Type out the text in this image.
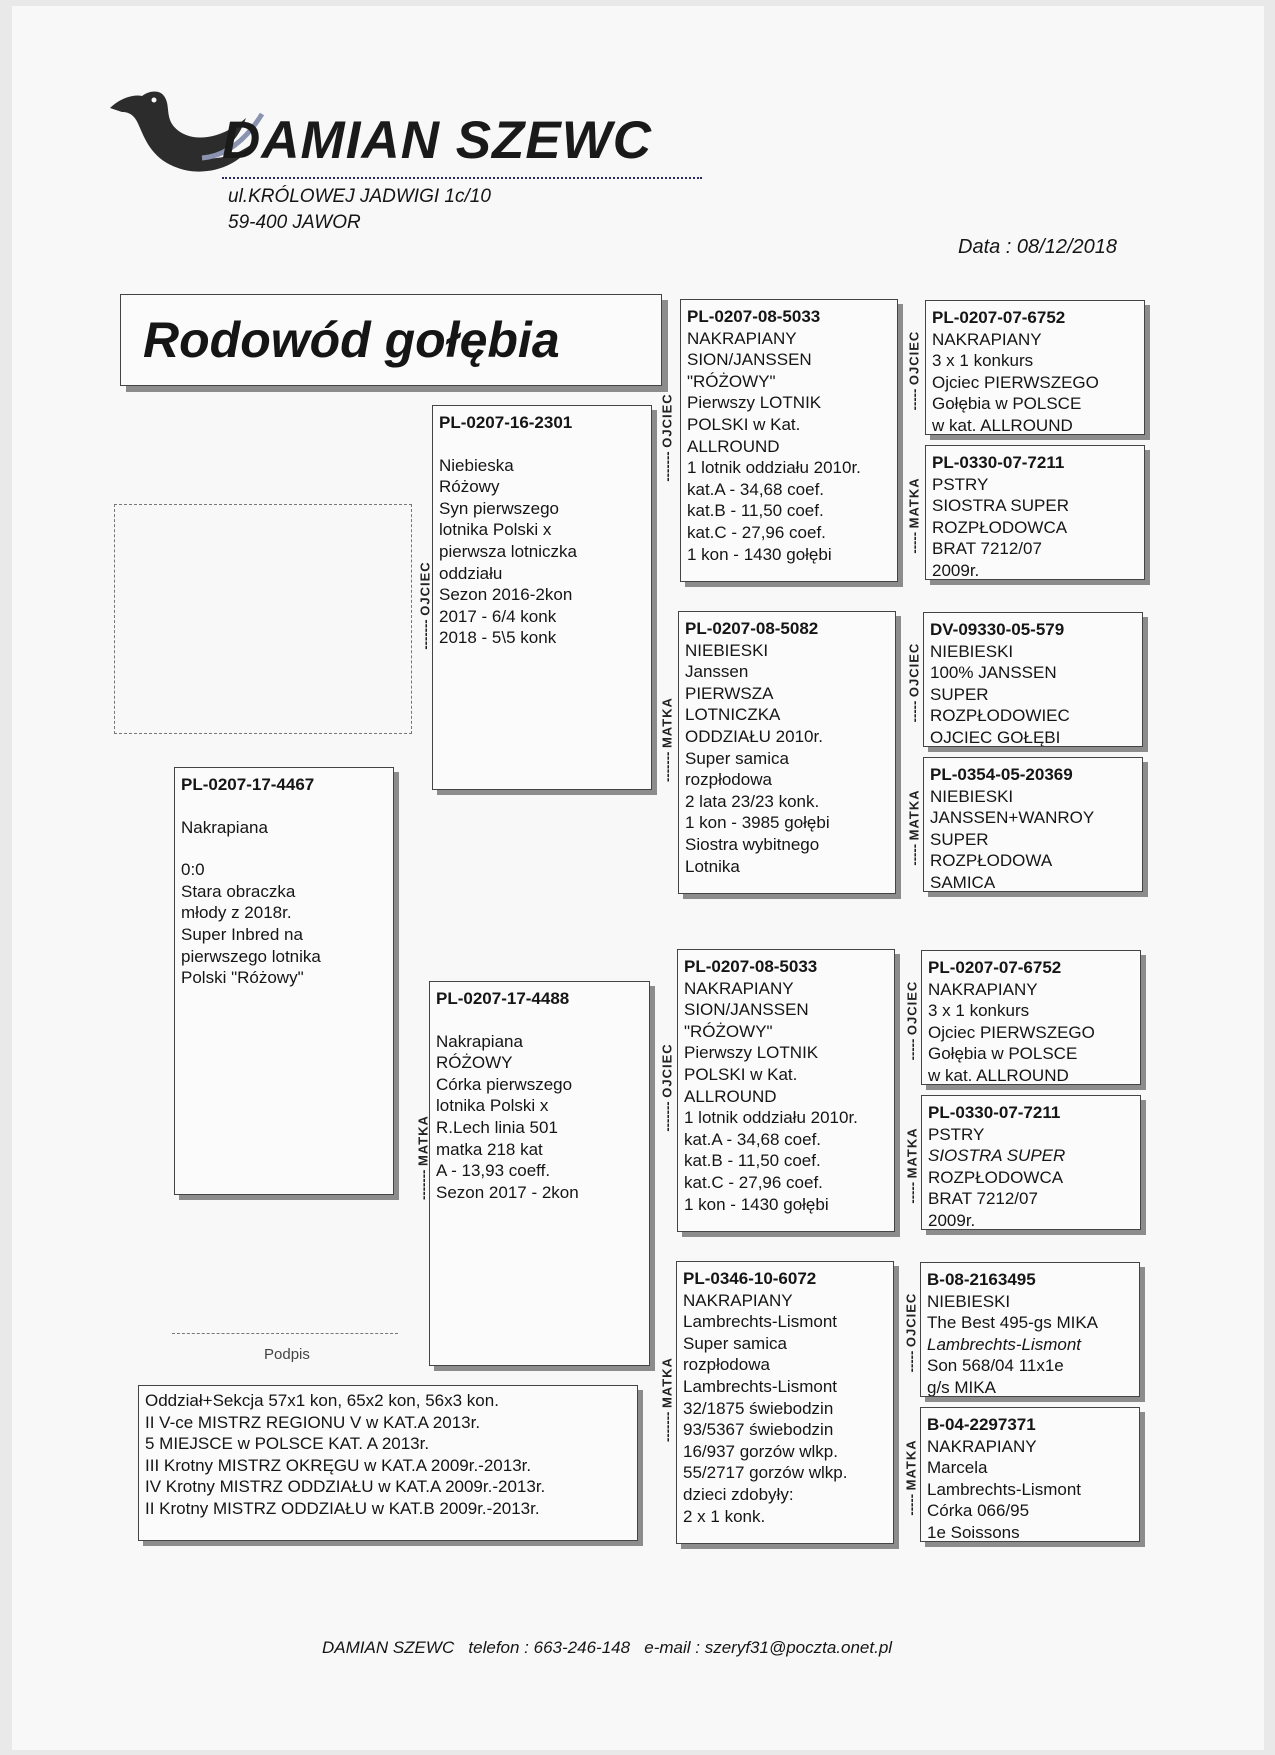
DAMIAN SZEWC
ul.KRÓLOWEJ JADWIGI 1c/10
59-400 JAWOR
Data : 08/12/2018
Rodowód gołębia
PL-0207-17-4467
Nakrapiana
0:0
Stara obraczka
młody z 2018r.
Super Inbred na
pierwszego lotnika
Polski "Różowy"
Podpis
PL-0207-16-2301
Niebieska
Różowy
Syn pierwszego
lotnika Polski x
pierwsza lotniczka
oddziału
Sezon 2016-2kon
2017 - 6/4 konk
2018 - 5\5 konk
------- OJCIEC
PL-0207-17-4488
Nakrapiana
RÓŻOWY
Córka pierwszego
lotnika Polski x
R.Lech linia 501
matka 218 kat
A - 13,93 coeff.
Sezon 2017 - 2kon
------- MATKA
PL-0207-08-5033
NAKRAPIANY
SION/JANSSEN
"RÓŻOWY"
Pierwszy LOTNIK
POLSKI w Kat.
ALLROUND
1 lotnik oddziału 2010r.
kat.A - 34,68 coef.
kat.B - 11,50 coef.
kat.C - 27,96 coef.
1 kon - 1430 gołębi
------- OJCIEC
PL-0207-08-5082
NIEBIESKI
Janssen
PIERWSZA
LOTNICZKA
ODDZIAŁU 2010r.
Super samica
rozpłodowa
2 lata 23/23 konk.
1 kon - 3985 gołębi
Siostra wybitnego
Lotnika
------- MATKA
PL-0207-08-5033
NAKRAPIANY
SION/JANSSEN
"RÓŻOWY"
Pierwszy LOTNIK
POLSKI w Kat.
ALLROUND
1 lotnik oddziału 2010r.
kat.A - 34,68 coef.
kat.B - 11,50 coef.
kat.C - 27,96 coef.
1 kon - 1430 gołębi
------- OJCIEC
PL-0346-10-6072
NAKRAPIANY
Lambrechts-Lismont
Super samica
rozpłodowa
Lambrechts-Lismont
32/1875 świebodzin
93/5367 świebodzin
16/937 gorzów wlkp.
55/2717 gorzów wlkp.
dzieci zdobyły:
2 x 1 konk.
------- MATKA
PL-0207-07-6752
NAKRAPIANY
3 x 1 konkurs
Ojciec PIERWSZEGO
Gołębia w POLSCE
w kat. ALLROUND
----- OJCIEC
PL-0330-07-7211
PSTRY
SIOSTRA SUPER
ROZPŁODOWCA
BRAT 7212/07
2009r.
----- MATKA
DV-09330-05-579
NIEBIESKI
100% JANSSEN
SUPER
ROZPŁODOWIEC
OJCIEC GOŁĘBI
----- OJCIEC
PL-0354-05-20369
NIEBIESKI
JANSSEN+WANROY
SUPER
ROZPŁODOWA
SAMICA
----- MATKA
PL-0207-07-6752
NAKRAPIANY
3 x 1 konkurs
Ojciec PIERWSZEGO
Gołębia w POLSCE
w kat. ALLROUND
----- OJCIEC
PL-0330-07-7211
PSTRY
SIOSTRA SUPER
ROZPŁODOWCA
BRAT 7212/07
2009r.
----- MATKA
B-08-2163495
NIEBIESKI
The Best 495-gs MIKA
Lambrechts-Lismont
Son 568/04 11x1e
g/s MIKA
----- OJCIEC
B-04-2297371
NAKRAPIANY
Marcela
Lambrechts-Lismont
Córka 066/95
1e Soissons
----- MATKA
Oddział+Sekcja 57x1 kon, 65x2 kon, 56x3 kon.
II V-ce MISTRZ REGIONU V w KAT.A 2013r.
5 MIEJSCE w POLSCE KAT. A 2013r.
III Krotny MISTRZ OKRĘGU w KAT.A 2009r.-2013r.
IV Krotny MISTRZ ODDZIAŁU w KAT.A 2009r.-2013r.
II Krotny MISTRZ ODDZIAŁU w KAT.B 2009r.-2013r.
DAMIAN SZEWC telefon : 663-246-148 e-mail : szeryf31@poczta.onet.pl
